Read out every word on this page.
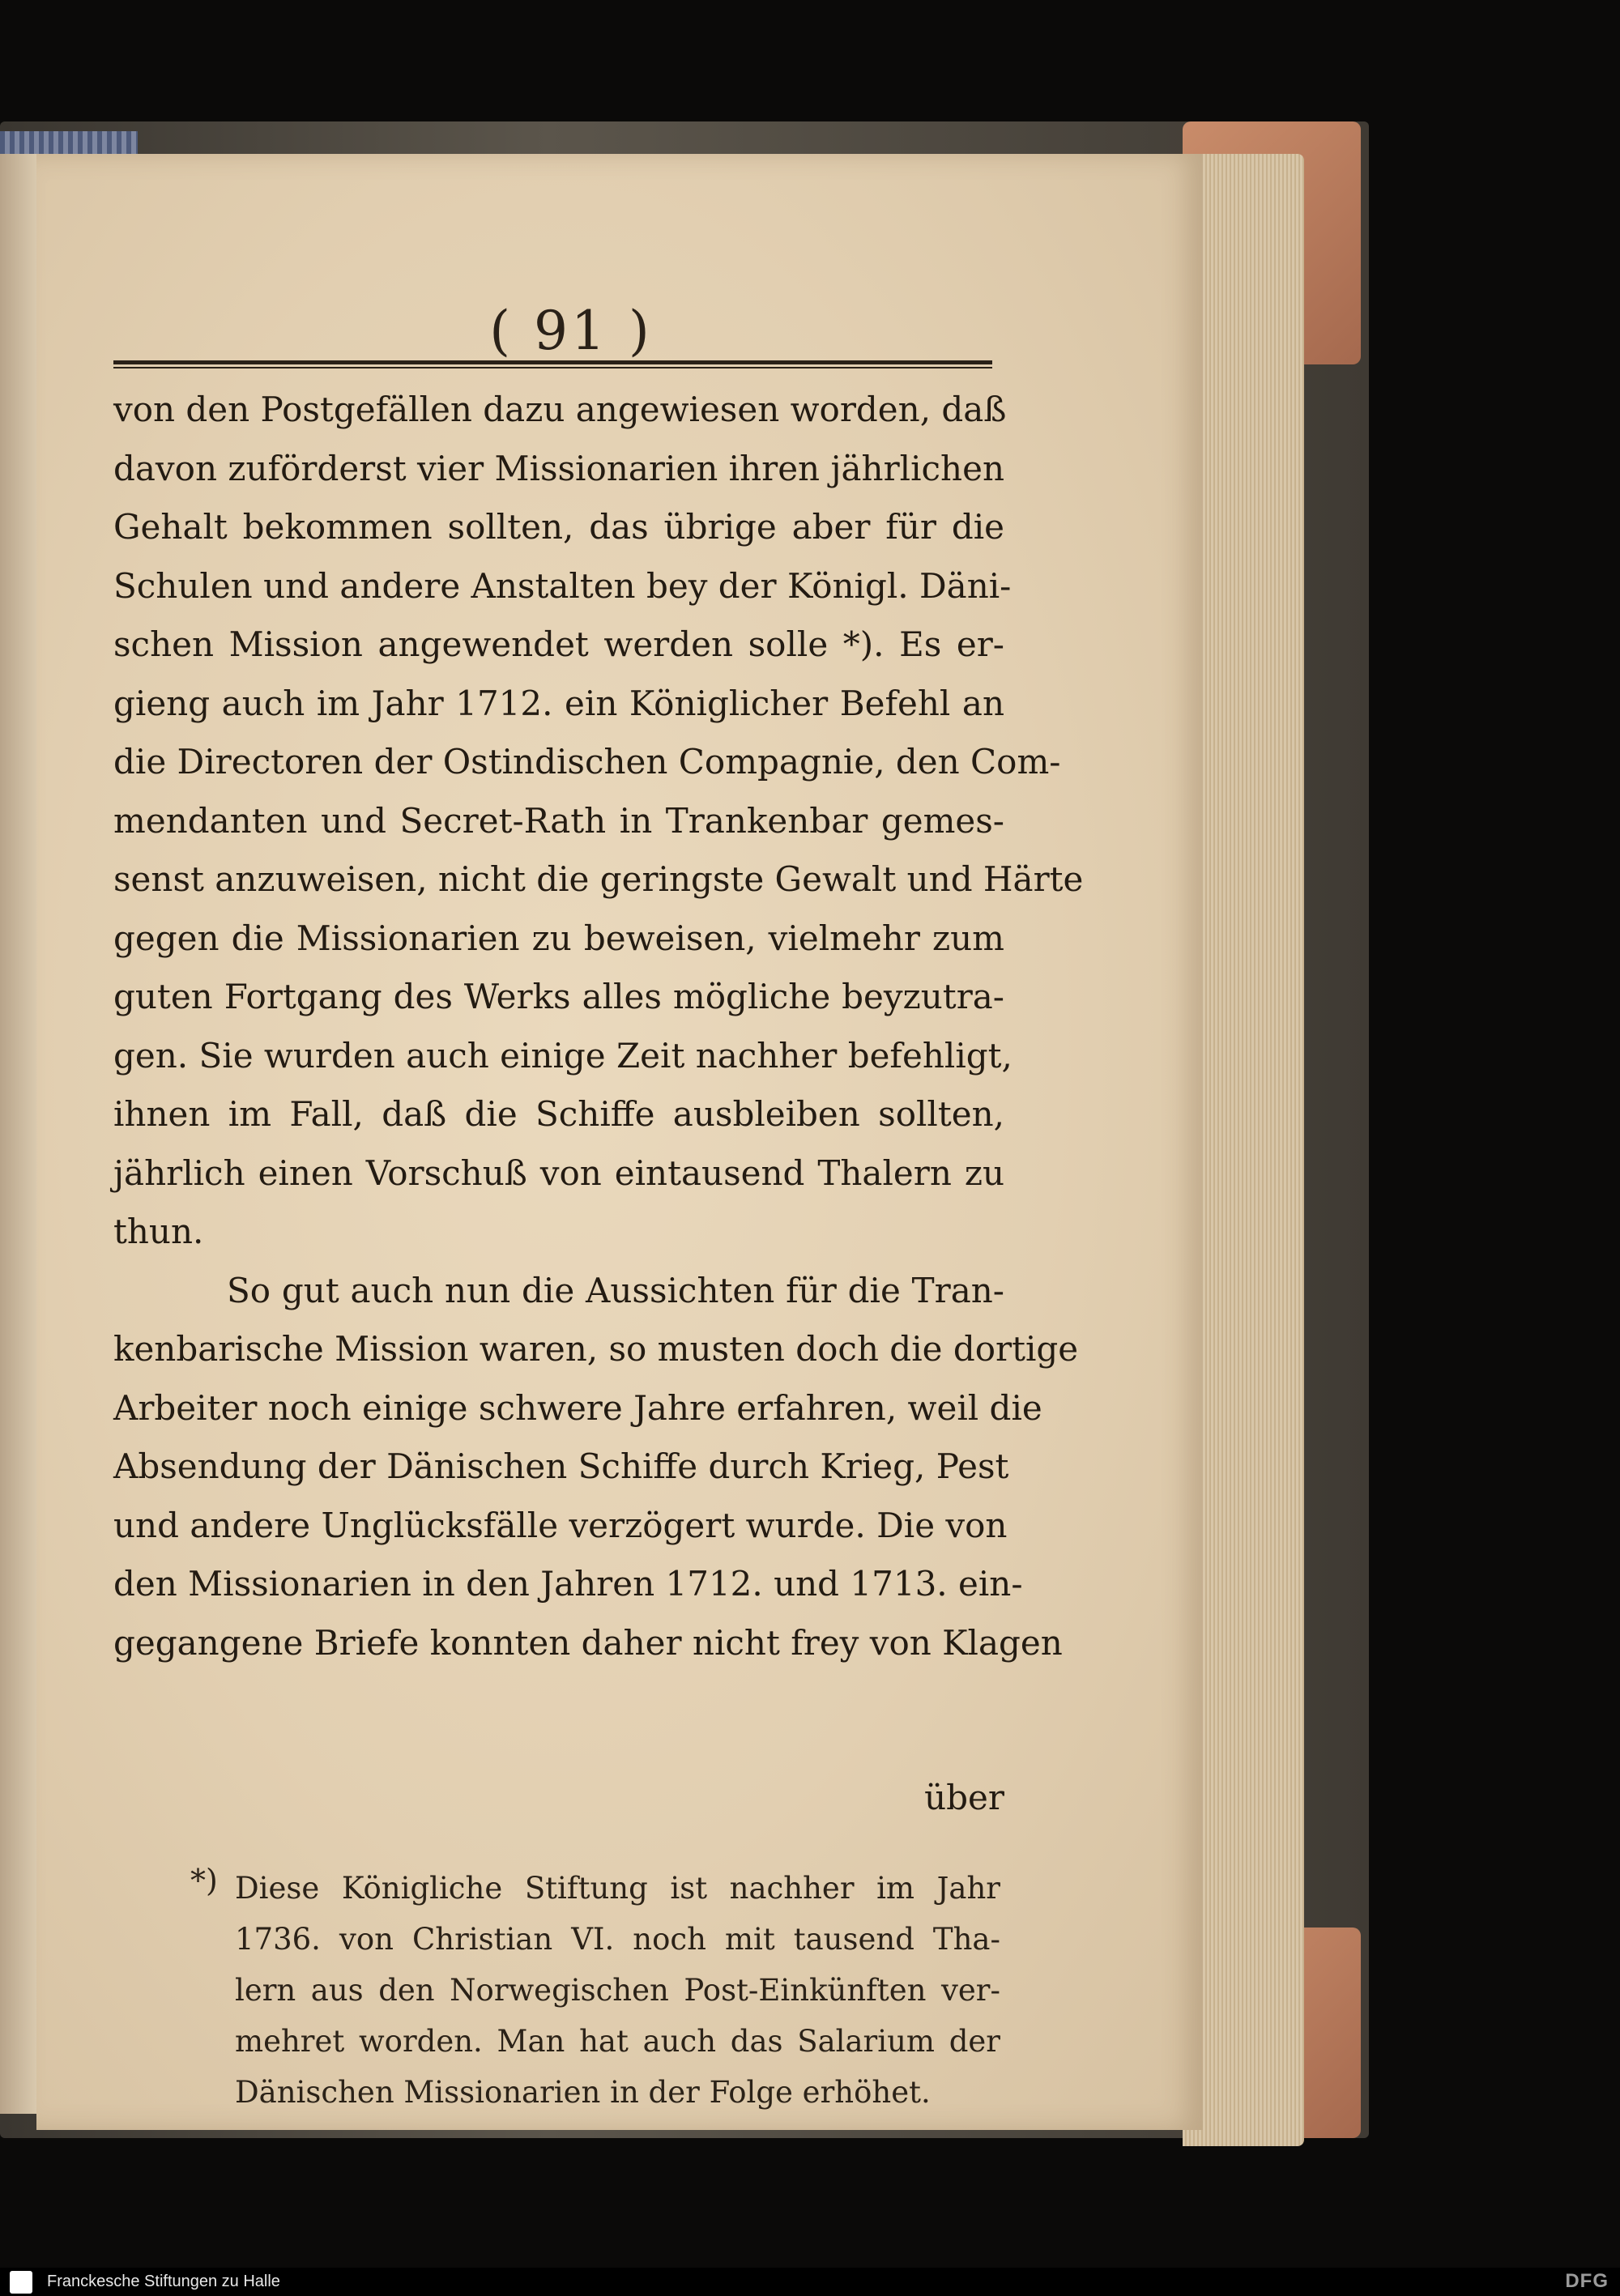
( 91 )
von den Postgefällen dazu angewiesen worden, daß
davon zuförderst vier Missionarien ihren jährlichen
Gehalt bekommen sollten, das übrige aber für die
Schulen und andere Anstalten bey der Königl. Däni-
schen Mission angewendet werden solle *). Es er-
gieng auch im Jahr 1712. ein Königlicher Befehl an
die Directoren der Ostindischen Compagnie, den Com-
mendanten und Secret-Rath in Trankenbar gemes-
senst anzuweisen, nicht die geringste Gewalt und Härte
gegen die Missionarien zu beweisen, vielmehr zum
guten Fortgang des Werks alles mögliche beyzutra-
gen. Sie wurden auch einige Zeit nachher befehligt,
ihnen im Fall, daß die Schiffe ausbleiben sollten,
jährlich einen Vorschuß von eintausend Thalern zu
thun.
So gut auch nun die Aussichten für die Tran-
kenbarische Mission waren, so musten doch die dortige
Arbeiter noch einige schwere Jahre erfahren, weil die
Absendung der Dänischen Schiffe durch Krieg, Pest
und andere Unglücksfälle verzögert wurde. Die von
den Missionarien in den Jahren 1712. und 1713. ein-
gegangene Briefe konnten daher nicht frey von Klagen
über
*) Diese Königliche Stiftung ist nachher im Jahr
1736. von Christian VI. noch mit tausend Tha-
lern aus den Norwegischen Post-Einkünften ver-
mehret worden. Man hat auch das Salarium der
Dänischen Missionarien in der Folge erhöhet.
Franckesche Stiftungen zu Halle	DFG
